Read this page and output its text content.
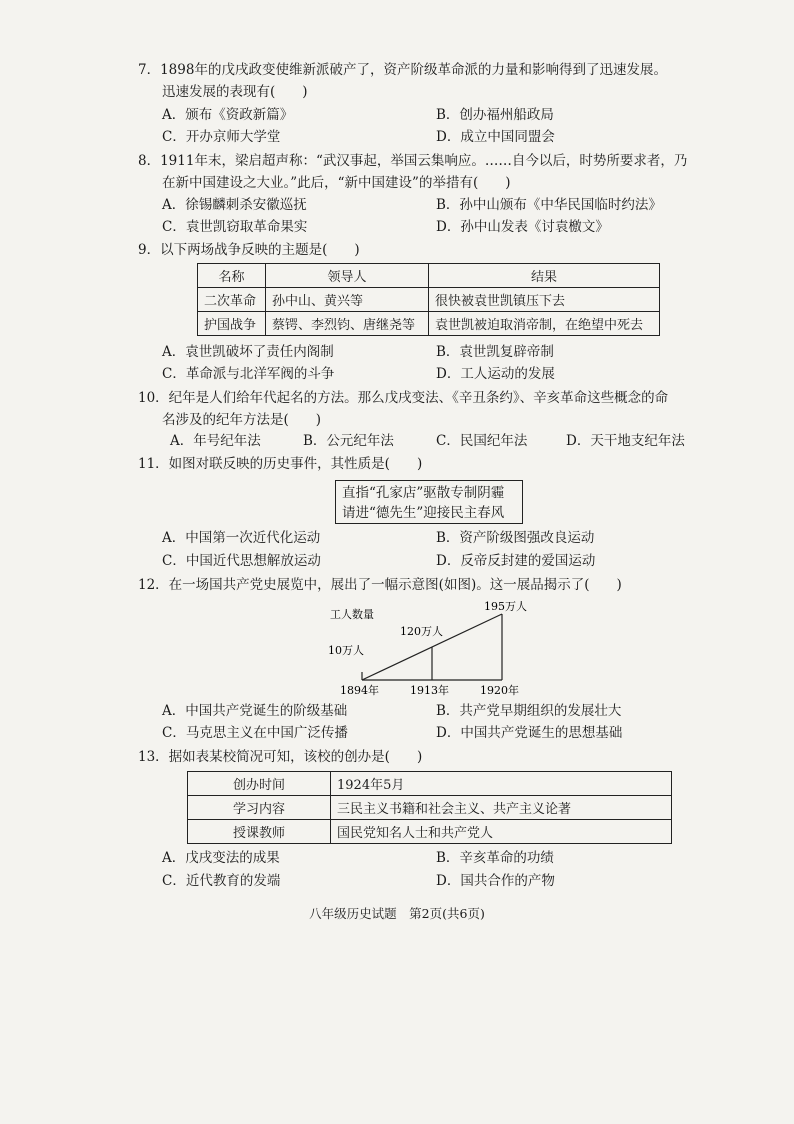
7．1898年的戊戌政变使维新派破产了，资产阶级革命派的力量和影响得到了迅速发展。
迅速发展的表现有(　　)
A．颁布《资政新篇》	B．创办福州船政局
C．开办京师大学堂	D．成立中国同盟会
8．1911年末，梁启超声称：“武汉事起，举国云集响应。……自今以后，时势所要求者，乃
在新中国建设之大业。”此后，“新中国建设”的举措有(　　)
A．徐锡麟刺杀安徽巡抚	B．孙中山颁布《中华民国临时约法》
C．袁世凯窃取革命果实	D．孙中山发表《讨袁檄文》
9．以下两场战争反映的主题是(　　)
名称	领导人	结果
二次革命	孙中山、黄兴等	很快被袁世凯镇压下去
护国战争	蔡锷、李烈钧、唐继尧等	袁世凯被迫取消帝制，在绝望中死去
A．袁世凯破坏了责任内阁制	B．袁世凯复辟帝制
C．革命派与北洋军阀的斗争	D．工人运动的发展
10．纪年是人们给年代起名的方法。那么戊戌变法、《辛丑条约》、辛亥革命这些概念的命
名涉及的纪年方法是(　　)
A．年号纪年法	B．公元纪年法	C．民国纪年法	D．天干地支纪年法
11．如图对联反映的历史事件，其性质是(　　)
直指“孔家店”驱散专制阴霾
请进“德先生”迎接民主春风
A．中国第一次近代化运动	B．资产阶级图强改良运动
C．中国近代思想解放运动	D．反帝反封建的爱国运动
12．在一场国共产党史展览中，展出了一幅示意图(如图)。这一展品揭示了(　　)
工人数量
10万人
1894年
120万人
1913年
195万人
1920年
A．中国共产党诞生的阶级基础	B．共产党早期组织的发展壮大
C．马克思主义在中国广泛传播	D．中国共产党诞生的思想基础
13．据如表某校简况可知，该校的创办是(　　)
创办时间	1924年5月
学习内容	三民主义书籍和社会主义、共产主义论著
授课教师	国民党知名人士和共产党人
A．戊戌变法的成果	B．辛亥革命的功绩
C．近代教育的发端	D．国共合作的产物
八年级历史试题　第2页(共6页)
